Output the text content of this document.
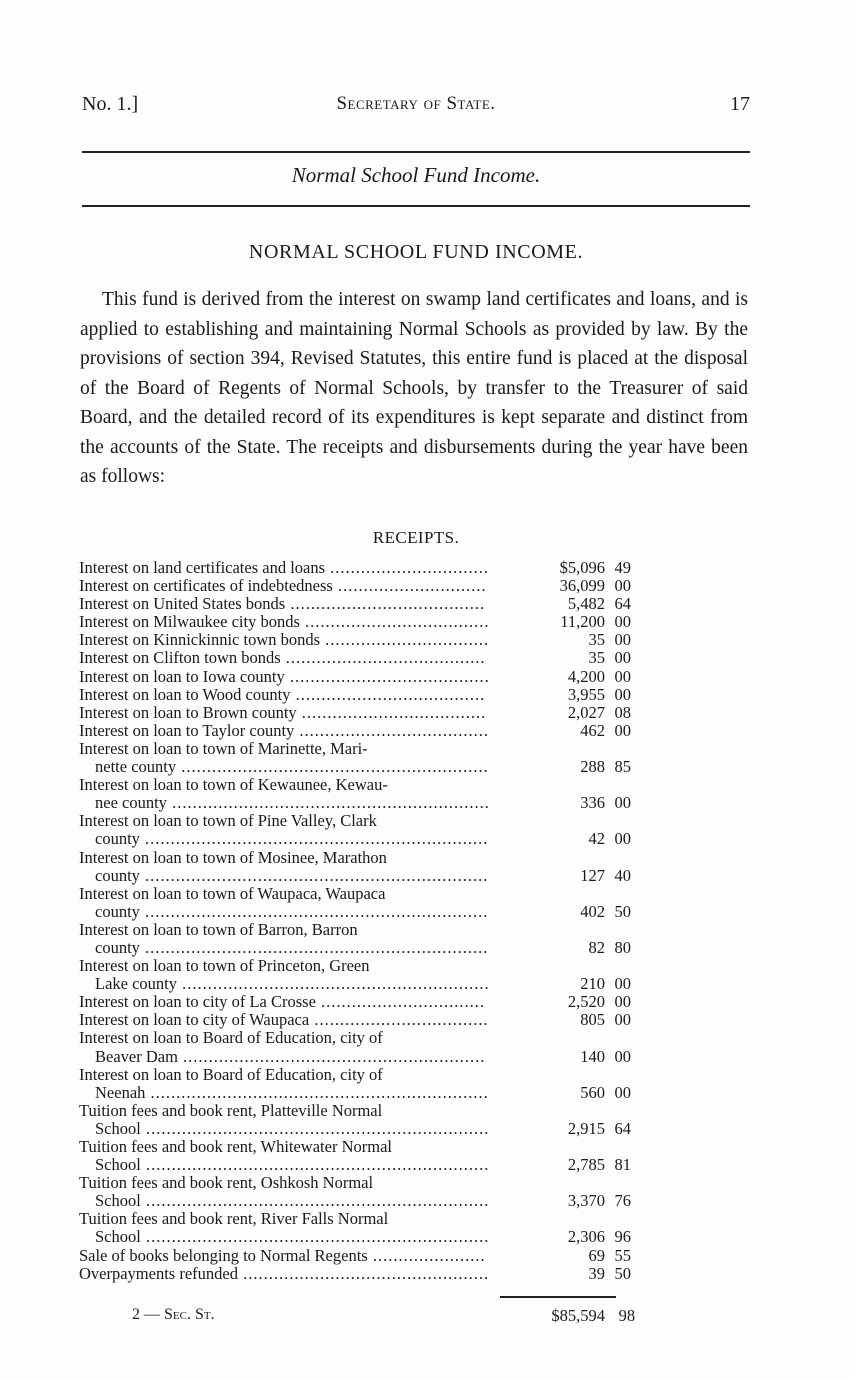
No. 1.]	Secretary of State.	17
Normal School Fund Income.
NORMAL SCHOOL FUND INCOME.

This fund is derived from the interest on swamp land certificates and loans, and is applied to establishing and maintaining Normal Schools as provided by law. By the provisions of section 394, Revised Statutes, this entire fund is placed at the disposal of the Board of Regents of Normal Schools, by transfer to the Treasurer of said Board, and the detailed record of its expenditures is kept separate and distinct from the accounts of the State. The receipts and disbursements during the year have been as follows:

RECEIPTS.
Interest on land certificates and loans ...............................	$5,096 49
Interest on certificates of indebtedness .............................	36,099 00
Interest on United States bonds ......................................	5,482 64
Interest on Milwaukee city bonds ....................................	11,200 00
Interest on Kinnickinnic town bonds ................................	35 00
Interest on Clifton town bonds .......................................	35 00
Interest on loan to Iowa county .......................................	4,200 00
Interest on loan to Wood county .....................................	3,955 00
Interest on loan to Brown county ....................................	2,027 08
Interest on loan to Taylor county .....................................	462 00
Interest on loan to town of Marinette, Mari-
nette county ............................................................	288 85
Interest on loan to town of Kewaunee, Kewau-
nee county ..............................................................	336 00
Interest on loan to town of Pine Valley, Clark
county ...................................................................	42 00
Interest on loan to town of Mosinee, Marathon
county ...................................................................	127 40
Interest on loan to town of Waupaca, Waupaca
county ...................................................................	402 50
Interest on loan to town of Barron, Barron
county ...................................................................	82 80
Interest on loan to town of Princeton, Green
Lake county ............................................................	210 00
Interest on loan to city of La Crosse ................................	2,520 00
Interest on loan to city of Waupaca ..................................	805 00
Interest on loan to Board of Education, city of
Beaver Dam ...........................................................	140 00
Interest on loan to Board of Education, city of
Neenah ..................................................................	560 00
Tuition fees and book rent, Platteville Normal
School ...................................................................	2,915 64
Tuition fees and book rent, Whitewater Normal
School ...................................................................	2,785 81
Tuition fees and book rent, Oshkosh Normal
School ...................................................................	3,370 76
Tuition fees and book rent, River Falls Normal
School ...................................................................	2,306 96
Sale of books belonging to Normal Regents ......................	69 55
Overpayments refunded ................................................	39 50
2 — Sec. St.	$85,594 98
